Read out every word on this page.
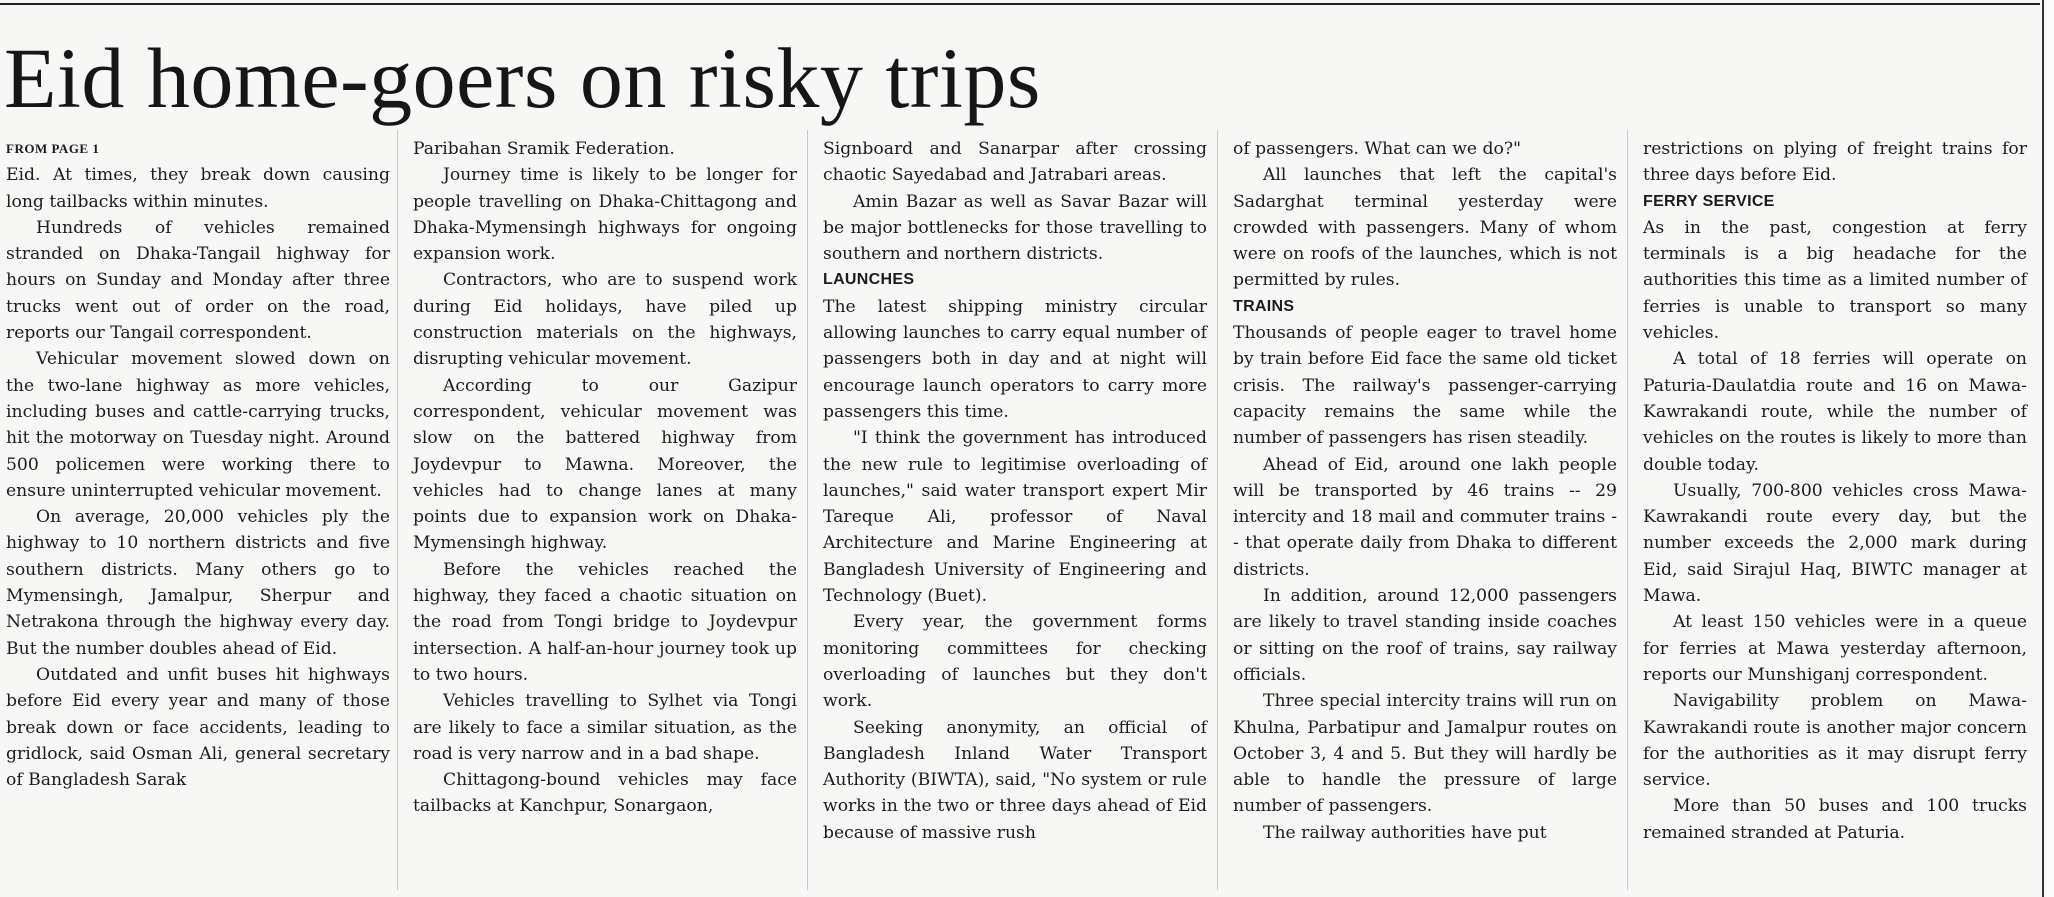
Eid home-goers on risky trips

FROM PAGE 1

Eid. At times, they break down causing long tailbacks within minutes.

Hundreds of vehicles remained stranded on Dhaka-Tangail highway for hours on Sunday and Monday after three trucks went out of order on the road, reports our Tangail correspondent.

Vehicular movement slowed down on the two-lane highway as more vehicles, including buses and cattle-carrying trucks, hit the motorway on Tuesday night. Around 500 policemen were working there to ensure uninterrupted vehicular movement.

On average, 20,000 vehicles ply the highway to 10 northern districts and five southern districts. Many others go to Mymensingh, Jamalpur, Sherpur and Netrakona through the highway every day. But the number doubles ahead of Eid.

Outdated and unfit buses hit highways before Eid every year and many of those break down or face accidents, leading to gridlock, said Osman Ali, general secretary of Bangladesh Sarak

Paribahan Sramik Federation.

Journey time is likely to be longer for people travelling on Dhaka-Chittagong and Dhaka-Mymensingh highways for ongoing expansion work.

Contractors, who are to suspend work during Eid holidays, have piled up construction materials on the highways, disrupting vehicular movement.

According to our Gazipur correspondent, vehicular movement was slow on the battered highway from Joydevpur to Mawna. Moreover, the vehicles had to change lanes at many points due to expansion work on Dhaka-Mymensingh highway.

Before the vehicles reached the highway, they faced a chaotic situation on the road from Tongi bridge to Joydevpur intersection. A half-an-hour journey took up to two hours.

Vehicles travelling to Sylhet via Tongi are likely to face a similar situation, as the road is very narrow and in a bad shape.

Chittagong-bound vehicles may face tailbacks at Kanchpur, Sonargaon,

Signboard and Sanarpar after crossing chaotic Sayedabad and Jatrabari areas.

Amin Bazar as well as Savar Bazar will be major bottlenecks for those travelling to southern and northern districts.

LAUNCHES

The latest shipping ministry circular allowing launches to carry equal number of passengers both in day and at night will encourage launch operators to carry more passengers this time.

"I think the government has introduced the new rule to legitimise overloading of launches," said water transport expert Mir Tareque Ali, professor of Naval Architecture and Marine Engineering at Bangladesh University of Engineering and Technology (Buet).

Every year, the government forms monitoring committees for checking overloading of launches but they don't work.

Seeking anonymity, an official of Bangladesh Inland Water Transport Authority (BIWTA), said, "No system or rule works in the two or three days ahead of Eid because of massive rush

of passengers. What can we do?"

All launches that left the capital's Sadarghat terminal yesterday were crowded with passengers. Many of whom were on roofs of the launches, which is not permitted by rules.

TRAINS

Thousands of people eager to travel home by train before Eid face the same old ticket crisis. The railway's passenger-carrying capacity remains the same while the number of passengers has risen steadily.

Ahead of Eid, around one lakh people will be transported by 46 trains -- 29 intercity and 18 mail and commuter trains -- that operate daily from Dhaka to different districts.

In addition, around 12,000 passengers are likely to travel standing inside coaches or sitting on the roof of trains, say railway officials.

Three special intercity trains will run on Khulna, Parbatipur and Jamalpur routes on October 3, 4 and 5. But they will hardly be able to handle the pressure of large number of passengers.

The railway authorities have put

restrictions on plying of freight trains for three days before Eid.

FERRY SERVICE

As in the past, congestion at ferry terminals is a big headache for the authorities this time as a limited number of ferries is unable to transport so many vehicles.

A total of 18 ferries will operate on Paturia-Daulatdia route and 16 on Mawa-Kawrakandi route, while the number of vehicles on the routes is likely to more than double today.

Usually, 700-800 vehicles cross Mawa-Kawrakandi route every day, but the number exceeds the 2,000 mark during Eid, said Sirajul Haq, BIWTC manager at Mawa.

At least 150 vehicles were in a queue for ferries at Mawa yesterday afternoon, reports our Munshiganj correspondent.

Navigability problem on Mawa-Kawrakandi route is another major concern for the authorities as it may disrupt ferry service.

More than 50 buses and 100 trucks remained stranded at Paturia.
